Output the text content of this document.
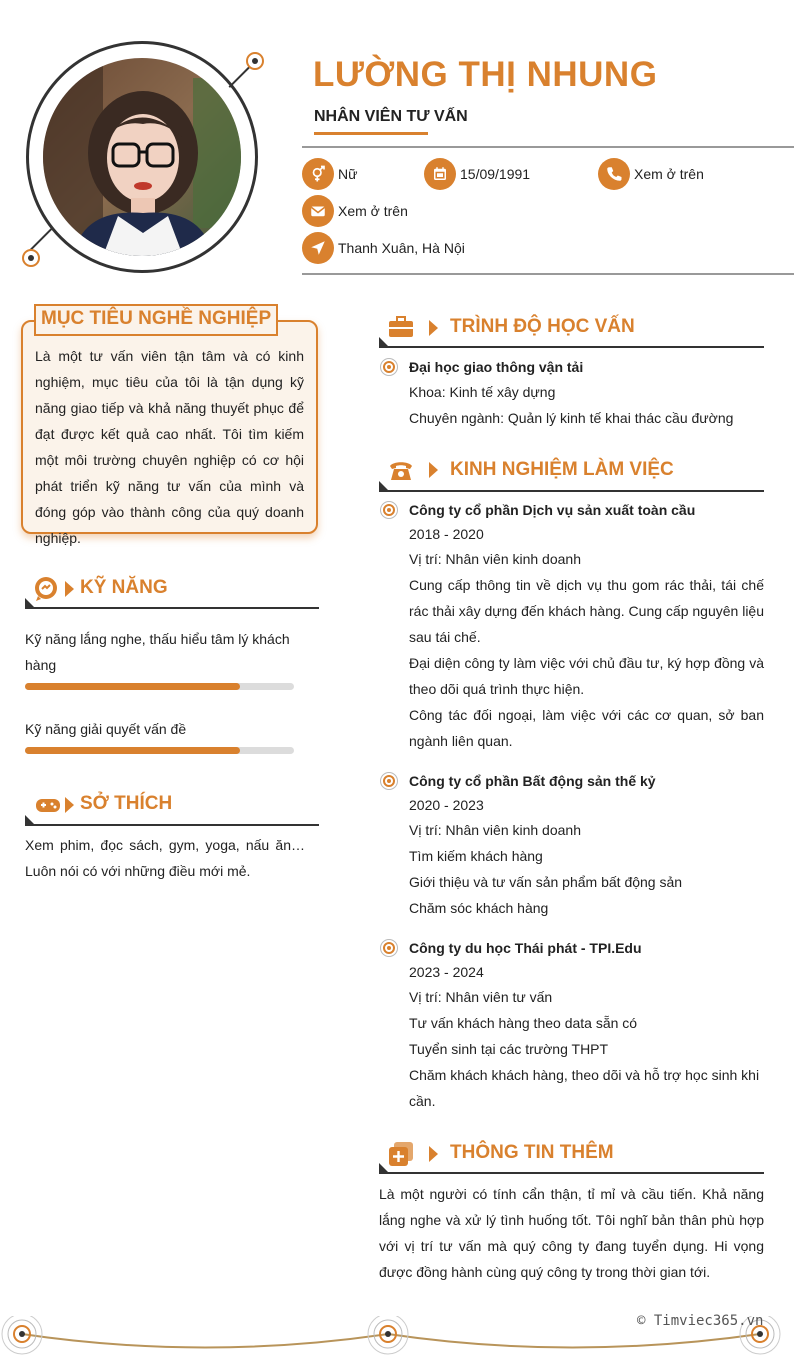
LƯỜNG THỊ NHUNG
NHÂN VIÊN TƯ VẤN
Nữ	15/09/1991	Xem ở trên
Xem ở trên
Thanh Xuân, Hà Nội
MỤC TIÊU NGHỀ NGHIỆP
Là một tư vấn viên tận tâm và có kinh nghiệm, mục tiêu của tôi là tận dụng kỹ năng giao tiếp và khả năng thuyết phục để đạt được kết quả cao nhất. Tôi tìm kiếm một môi trường chuyên nghiệp có cơ hội phát triển kỹ năng tư vấn của mình và đóng góp vào thành công của quý doanh nghiệp.
KỸ NĂNG
Kỹ năng lắng nghe, thấu hiểu tâm lý khách hàng
Kỹ năng giải quyết vấn đề
SỞ THÍCH
Xem phim, đọc sách, gym, yoga, nấu ăn… Luôn nói có với những điều mới mẻ.
TRÌNH ĐỘ HỌC VẤN
Đại học giao thông vận tải
Khoa: Kinh tế xây dựng
Chuyên ngành: Quản lý kinh tế khai thác cầu đường
KINH NGHIỆM LÀM VIỆC
Công ty cổ phần Dịch vụ sản xuất toàn cầu
2018 - 2020
Vị trí: Nhân viên kinh doanh
Cung cấp thông tin về dịch vụ thu gom rác thải, tái chế rác thải xây dựng đến khách hàng. Cung cấp nguyên liệu sau tái chế.
Đại diện công ty làm việc với chủ đầu tư, ký hợp đồng và theo dõi quá trình thực hiện.
Công tác đối ngoại, làm việc với các cơ quan, sở ban ngành liên quan.
Công ty cổ phần Bất động sản thế kỷ
2020 - 2023
Vị trí: Nhân viên kinh doanh
Tìm kiếm khách hàng
Giới thiệu và tư vấn sản phẩm bất động sản
Chăm sóc khách hàng
Công ty du học Thái phát - TPI.Edu
2023 - 2024
Vị trí: Nhân viên tư vấn
Tư vấn khách hàng theo data sẵn có
Tuyển sinh tại các trường THPT
Chăm khách khách hàng, theo dõi và hỗ trợ học sinh khi cần.
THÔNG TIN THÊM
Là một người có tính cẩn thận, tỉ mỉ và cầu tiến. Khả năng lắng nghe và xử lý tình huống tốt. Tôi nghĩ bản thân phù hợp với vị trí tư vấn mà quý công ty đang tuyển dụng. Hi vọng được đồng hành cùng quý công ty trong thời gian tới.
© Timviec365.vn
